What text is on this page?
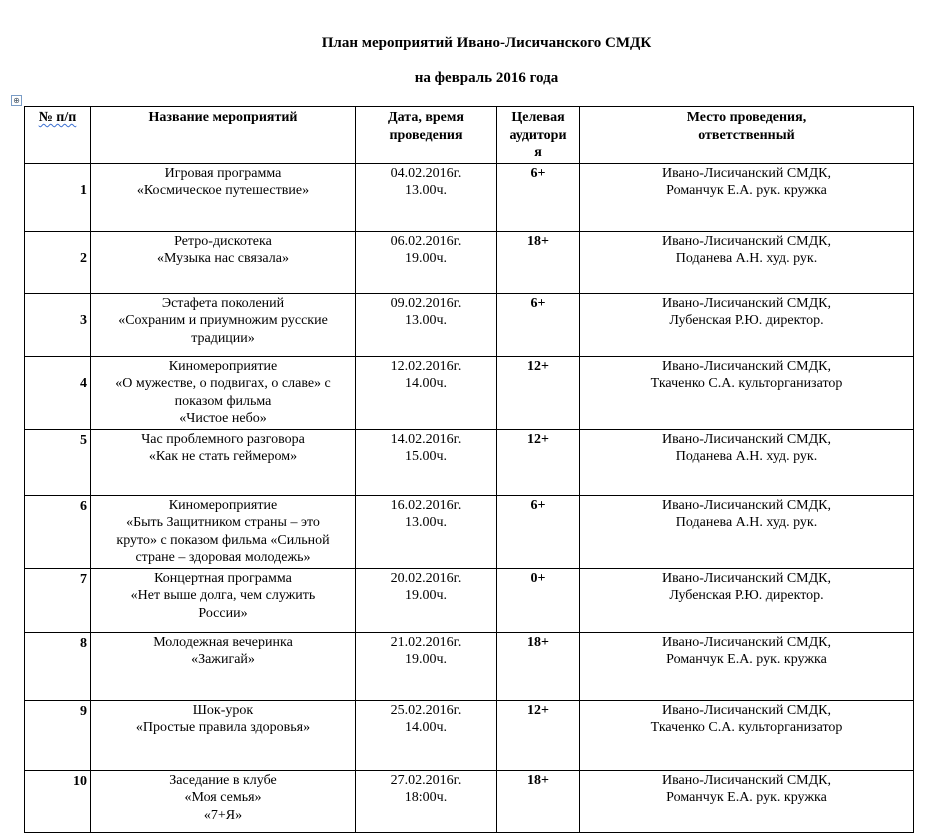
План мероприятий Ивано-Лисичанского СМДК
на февраль 2016 года
⊕
№ п/п	Название мероприятий	Дата, время
проведения	Целевая
аудитори
я	Место проведения,
ответственный

1	Игровая программа
«Космическое путешествие»	04.02.2016г.
13.00ч.	6+	Ивано-Лисичанский СМДК,
Романчук Е.А. рук. кружка

2	Ретро-дискотека
«Музыка нас связала»	06.02.2016г.
19.00ч.	18+	Ивано-Лисичанский СМДК,
Поданева А.Н. худ. рук.

3	Эстафета поколений
«Сохраним и приумножим русские
традиции»	09.02.2016г.
13.00ч.	6+	Ивано-Лисичанский СМДК,
Лубенская Р.Ю. директор.

4	Киномероприятие
«О мужестве, о подвигах, о славе» с
показом фильма
«Чистое небо»	12.02.2016г.
14.00ч.	12+	Ивано-Лисичанский СМДК,
Ткаченко С.А. культорганизатор

5	Час проблемного разговора
«Как не стать геймером»	14.02.2016г.
15.00ч.	12+	Ивано-Лисичанский СМДК,
Поданева А.Н. худ. рук.

6	Киномероприятие
«Быть Защитником страны – это
круто» с показом фильма «Сильной
стране – здоровая молодежь»	16.02.2016г.
13.00ч.	6+	Ивано-Лисичанский СМДК,
Поданева А.Н. худ. рук.

7	Концертная программа
«Нет выше долга, чем служить
России»	20.02.2016г.
19.00ч.	0+	Ивано-Лисичанский СМДК,
Лубенская Р.Ю. директор.

8	Молодежная вечеринка
«Зажигай»	21.02.2016г.
19.00ч.	18+	Ивано-Лисичанский СМДК,
Романчук Е.А. рук. кружка

9	Шок-урок
«Простые правила здоровья»	25.02.2016г.
14.00ч.	12+	Ивано-Лисичанский СМДК,
Ткаченко С.А. культорганизатор

10	Заседание в клубе
«Моя семья»
«7+Я»	27.02.2016г.
18:00ч.	18+	Ивано-Лисичанский СМДК,
Романчук Е.А. рук. кружка
